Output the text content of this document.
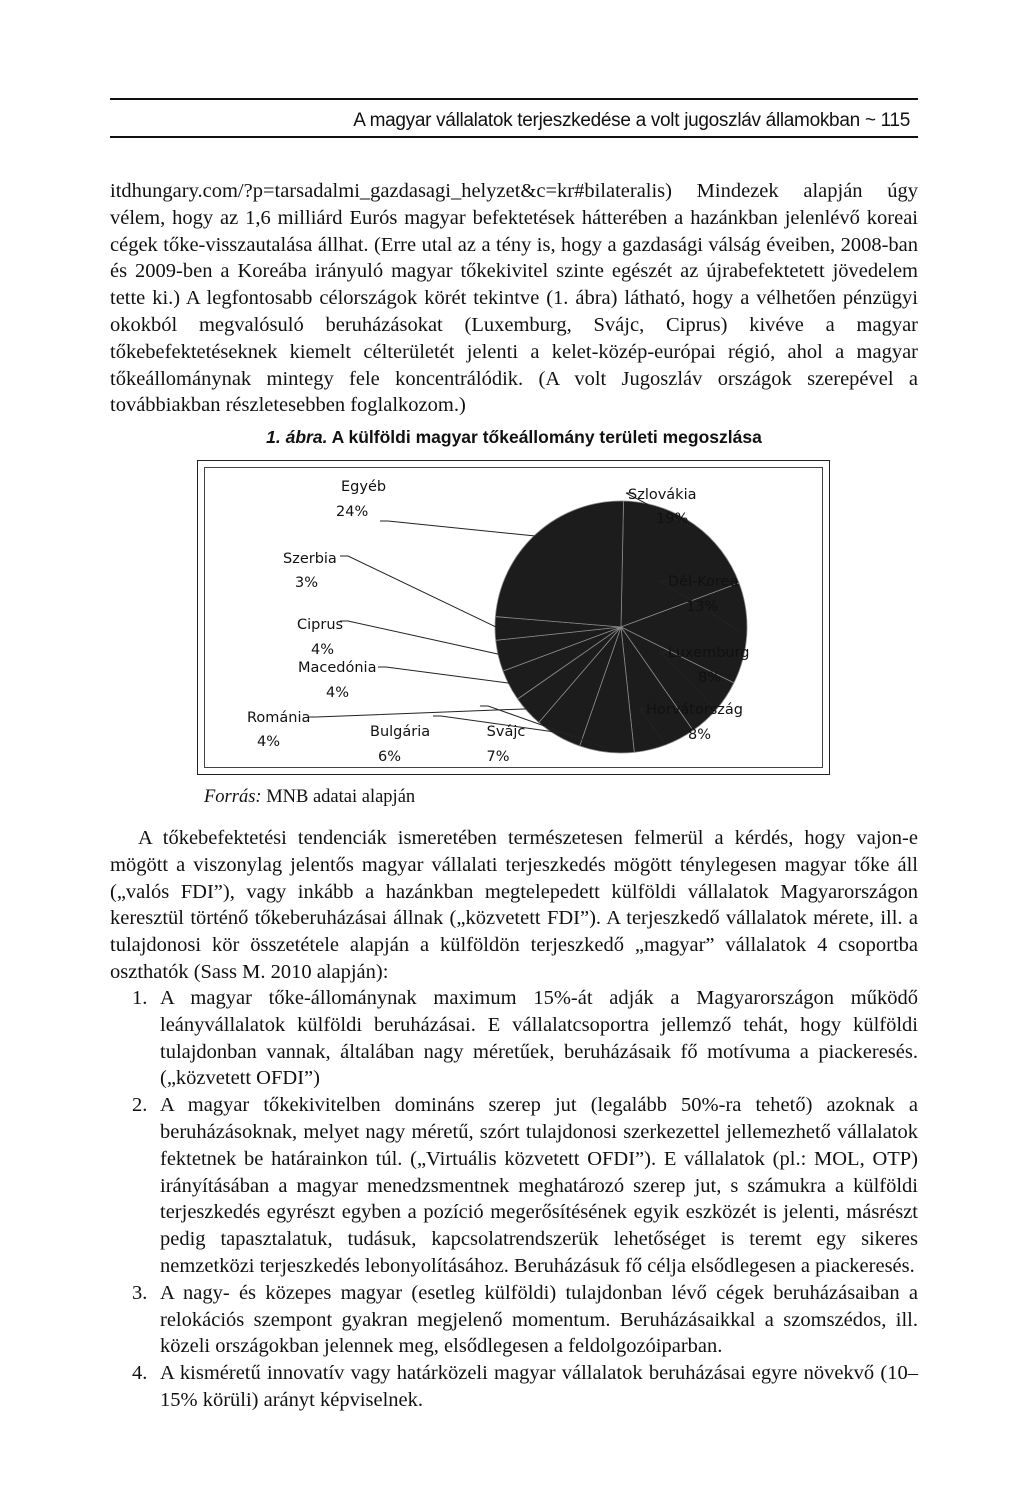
A magyar vállalatok terjeszkedése a volt jugoszláv államokban ~ 115

itdhungary.com/?p=tarsadalmi_gazdasagi_helyzet&c=kr#bilateralis) Mindezek alapján úgy vélem, hogy az 1,6 milliárd Eurós magyar befektetések hátterében a hazánkban jelenlévő koreai cégek tőke-visszautalása állhat. (Erre utal az a tény is, hogy a gazdasági válság éveiben, 2008-ban és 2009-ben a Koreába irányuló magyar tőkekivitel szinte egészét az újrabefektetett jövedelem tette ki.) A legfontosabb célországok körét tekintve (1. ábra) látható, hogy a vélhetően pénzügyi okokból megvalósuló beruházásokat (Luxemburg, Svájc, Ciprus) kivéve a magyar tőkebefektetéseknek kiemelt célterületét jelenti a kelet-közép-európai régió, ahol a magyar tőkeállománynak mintegy fele koncentrálódik. (A volt Jugoszláv országok szerepével a továbbiakban részletesebben foglalkozom.)

1. ábra. A külföldi magyar tőkeállomány területi megoszlása
Szlovákia
19%
Dél-Korea
13%
Luxemburg
8%
Horvátország
8%
Svájc
7%
Bulgária
6%
Románia
4%
Macedónia
4%
Ciprus
4%
Szerbia
3%
Egyéb
24%
Forrás: MNB adatai alapján

A tőkebefektetési tendenciák ismeretében természetesen felmerül a kérdés, hogy vajon-e mögött a viszonylag jelentős magyar vállalati terjeszkedés mögött ténylegesen magyar tőke áll („valós FDI”), vagy inkább a hazánkban megtelepedett külföldi vállalatok Magyarországon keresztül történő tőkeberuházásai állnak („közvetett FDI”). A terjeszkedő vállalatok mérete, ill. a tulajdonosi kör összetétele alapján a külföldön terjeszkedő „magyar” vállalatok 4 csoportba oszthatók (Sass M. 2010 alapján):

1. A magyar tőke-állománynak maximum 15%-át adják a Magyarországon működő leányvállalatok külföldi beruházásai. E vállalatcsoportra jellemző tehát, hogy külföldi tulajdonban vannak, általában nagy méretűek, beruházásaik fő motívuma a piackeresés. („közvetett OFDI”)
2. A magyar tőkekivitelben domináns szerep jut (legalább 50%-ra tehető) azoknak a beruházásoknak, melyet nagy méretű, szórt tulajdonosi szerkezettel jellemezhető vállalatok fektetnek be határainkon túl. („Virtuális közvetett OFDI”). E vállalatok (pl.: MOL, OTP) irányításában a magyar menedzsmentnek meghatározó szerep jut, s számukra a külföldi terjeszkedés egyrészt egyben a pozíció megerősítésének egyik eszközét is jelenti, másrészt pedig tapasztalatuk, tudásuk, kapcsolatrendszerük lehetőséget is teremt egy sikeres nemzetközi terjeszkedés lebonyolításához. Beruházásuk fő célja elsődlegesen a piackeresés.
3. A nagy- és közepes magyar (esetleg külföldi) tulajdonban lévő cégek beruházásaiban a relokációs szempont gyakran megjelenő momentum. Beruházásaikkal a szomszédos, ill. közeli országokban jelennek meg, elsődlegesen a feldolgozóiparban.
4. A kisméretű innovatív vagy határközeli magyar vállalatok beruházásai egyre növekvő (10–15% körüli) arányt képviselnek.
